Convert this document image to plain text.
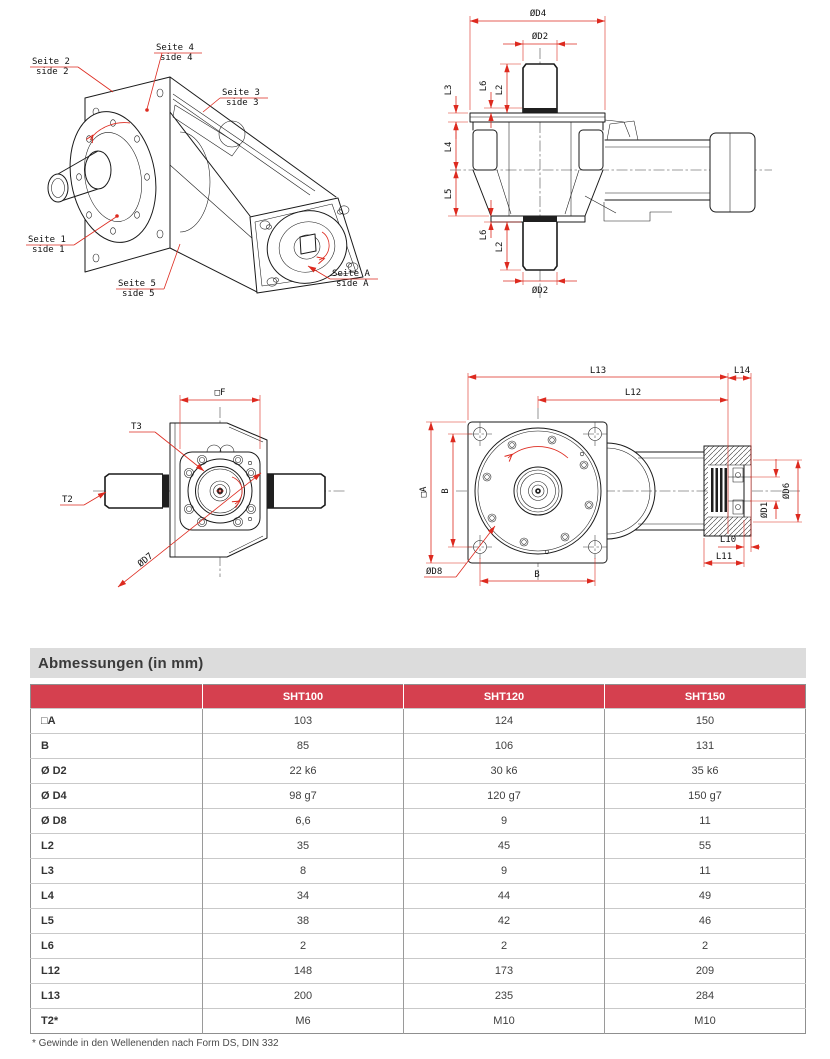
Seite 2
side 2
Seite 4
side 4
Seite 3
side 3
Seite 1
side 1
Seite 5
side 5
Seite A
side A
ØD4
ØD2
L2
L6
L3
L4
L5
L6
L2
ØD2
□F
T3
T2
ØD7
L13	L14
L12
□A B
ØD8	B
L10
L11
ØD6
ØD1
Abmessungen (in mm)
	SHT100	SHT120	SHT150
□A	103	124	150
B	85	106	131
Ø D2	22 k6	30 k6	35 k6
Ø D4	98 g7	120 g7	150 g7
Ø D8	6,6	9	11
L2	35	45	55
L3	8	9	11
L4	34	44	49
L5	38	42	46
L6	2	2	2
L12	148	173	209
L13	200	235	284
T2*	M6	M10	M10
* Gewinde in den Wellenenden nach Form DS, DIN 332
